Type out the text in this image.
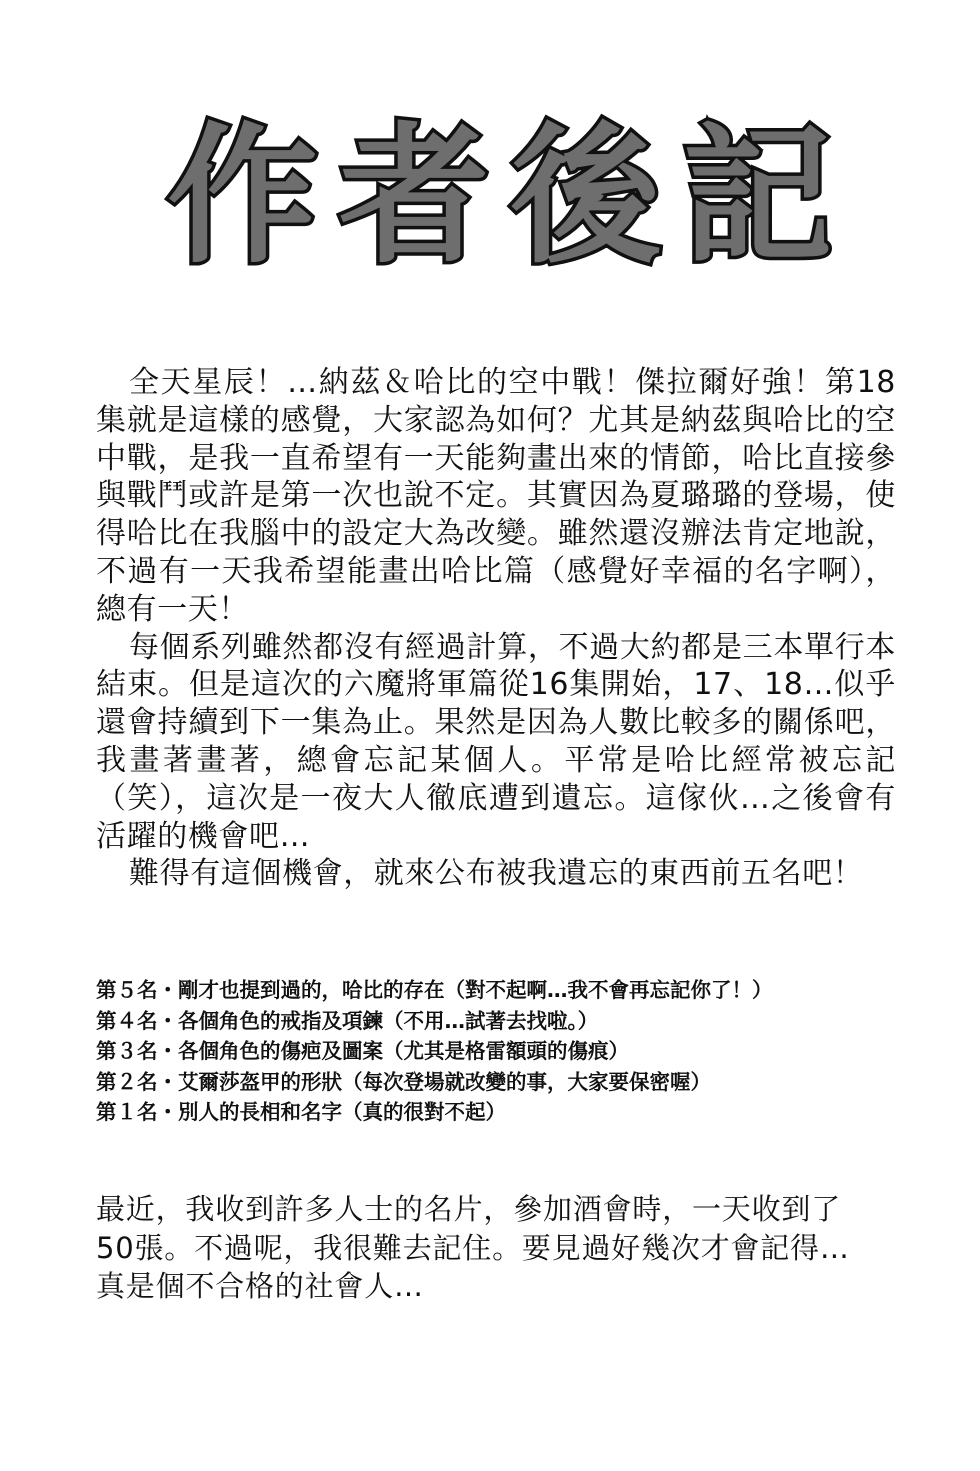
作 者 後 記

全天星辰！…納茲＆哈比的空中戰！傑拉爾好強！第18集就是這樣的感覺，大家認為如何？尤其是納茲與哈比的空中戰，是我一直希望有一天能夠畫出來的情節，哈比直接參與戰鬥或許是第一次也說不定。其實因為夏璐璐的登場，使得哈比在我腦中的設定大為改變。雖然還沒辦法肯定地說，不過有一天我希望能畫出哈比篇（感覺好幸福的名字啊），總有一天！

每個系列雖然都沒有經過計算，不過大約都是三本單行本結束。但是這次的六魔將軍篇從16集開始，17、18…似乎還會持續到下一集為止。果然是因為人數比較多的關係吧，我畫著畫著，總會忘記某個人。平常是哈比經常被忘記（笑），這次是一夜大人徹底遭到遺忘。這傢伙…之後會有活躍的機會吧…

難得有這個機會，就來公布被我遺忘的東西前五名吧！

第５名・剛才也提到過的，哈比的存在（對不起啊…我不會再忘記你了！）
第４名・各個角色的戒指及項鍊（不用…試著去找啦。）
第３名・各個角色的傷疤及圖案（尤其是格雷額頭的傷痕）
第２名・艾爾莎盔甲的形狀（每次登場就改變的事，大家要保密喔）
第１名・別人的長相和名字（真的很對不起）
最近，我收到許多人士的名片，參加酒會時，一天收到了
50張。不過呢，我很難去記住。要見過好幾次才會記得…
真是個不合格的社會人…
